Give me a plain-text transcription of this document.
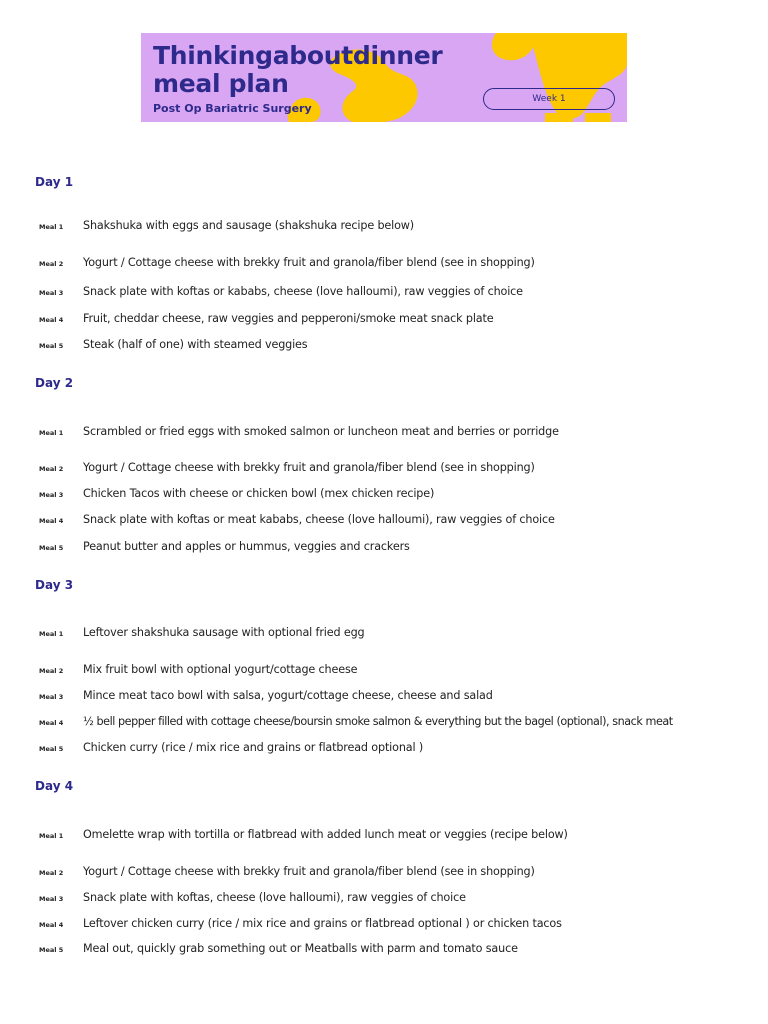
Thinkingaboutdinner
meal plan
Post Op Bariatric Surgery
Week 1
Day 1
Meal 1 Shakshuka with eggs and sausage (shakshuka recipe below)
Meal 2 Yogurt / Cottage cheese with brekky fruit and granola/fiber blend (see in shopping)
Meal 3 Snack plate with koftas or kababs, cheese (love halloumi), raw veggies of choice
Meal 4 Fruit, cheddar cheese, raw veggies and pepperoni/smoke meat snack plate
Meal 5 Steak (half of one) with steamed veggies
Day 2
Meal 1 Scrambled or fried eggs with smoked salmon or luncheon meat and berries or porridge
Meal 2 Yogurt / Cottage cheese with brekky fruit and granola/fiber blend (see in shopping)
Meal 3 Chicken Tacos with cheese or chicken bowl (mex chicken recipe)
Meal 4 Snack plate with koftas or meat kababs, cheese (love halloumi), raw veggies of choice
Meal 5 Peanut butter and apples or hummus, veggies and crackers
Day 3
Meal 1 Leftover shakshuka sausage with optional fried egg
Meal 2 Mix fruit bowl with optional yogurt/cottage cheese
Meal 3 Mince meat taco bowl with salsa, yogurt/cottage cheese, cheese and salad
Meal 4 ½ bell pepper filled with cottage cheese/boursin smoke salmon & everything but the bagel (optional), snack meat
Meal 5 Chicken curry (rice / mix rice and grains or flatbread optional )
Day 4
Meal 1 Omelette wrap with tortilla or flatbread with added lunch meat or veggies (recipe below)
Meal 2 Yogurt / Cottage cheese with brekky fruit and granola/fiber blend (see in shopping)
Meal 3 Snack plate with koftas, cheese (love halloumi), raw veggies of choice
Meal 4 Leftover chicken curry (rice / mix rice and grains or flatbread optional ) or chicken tacos
Meal 5 Meal out, quickly grab something out or Meatballs with parm and tomato sauce
